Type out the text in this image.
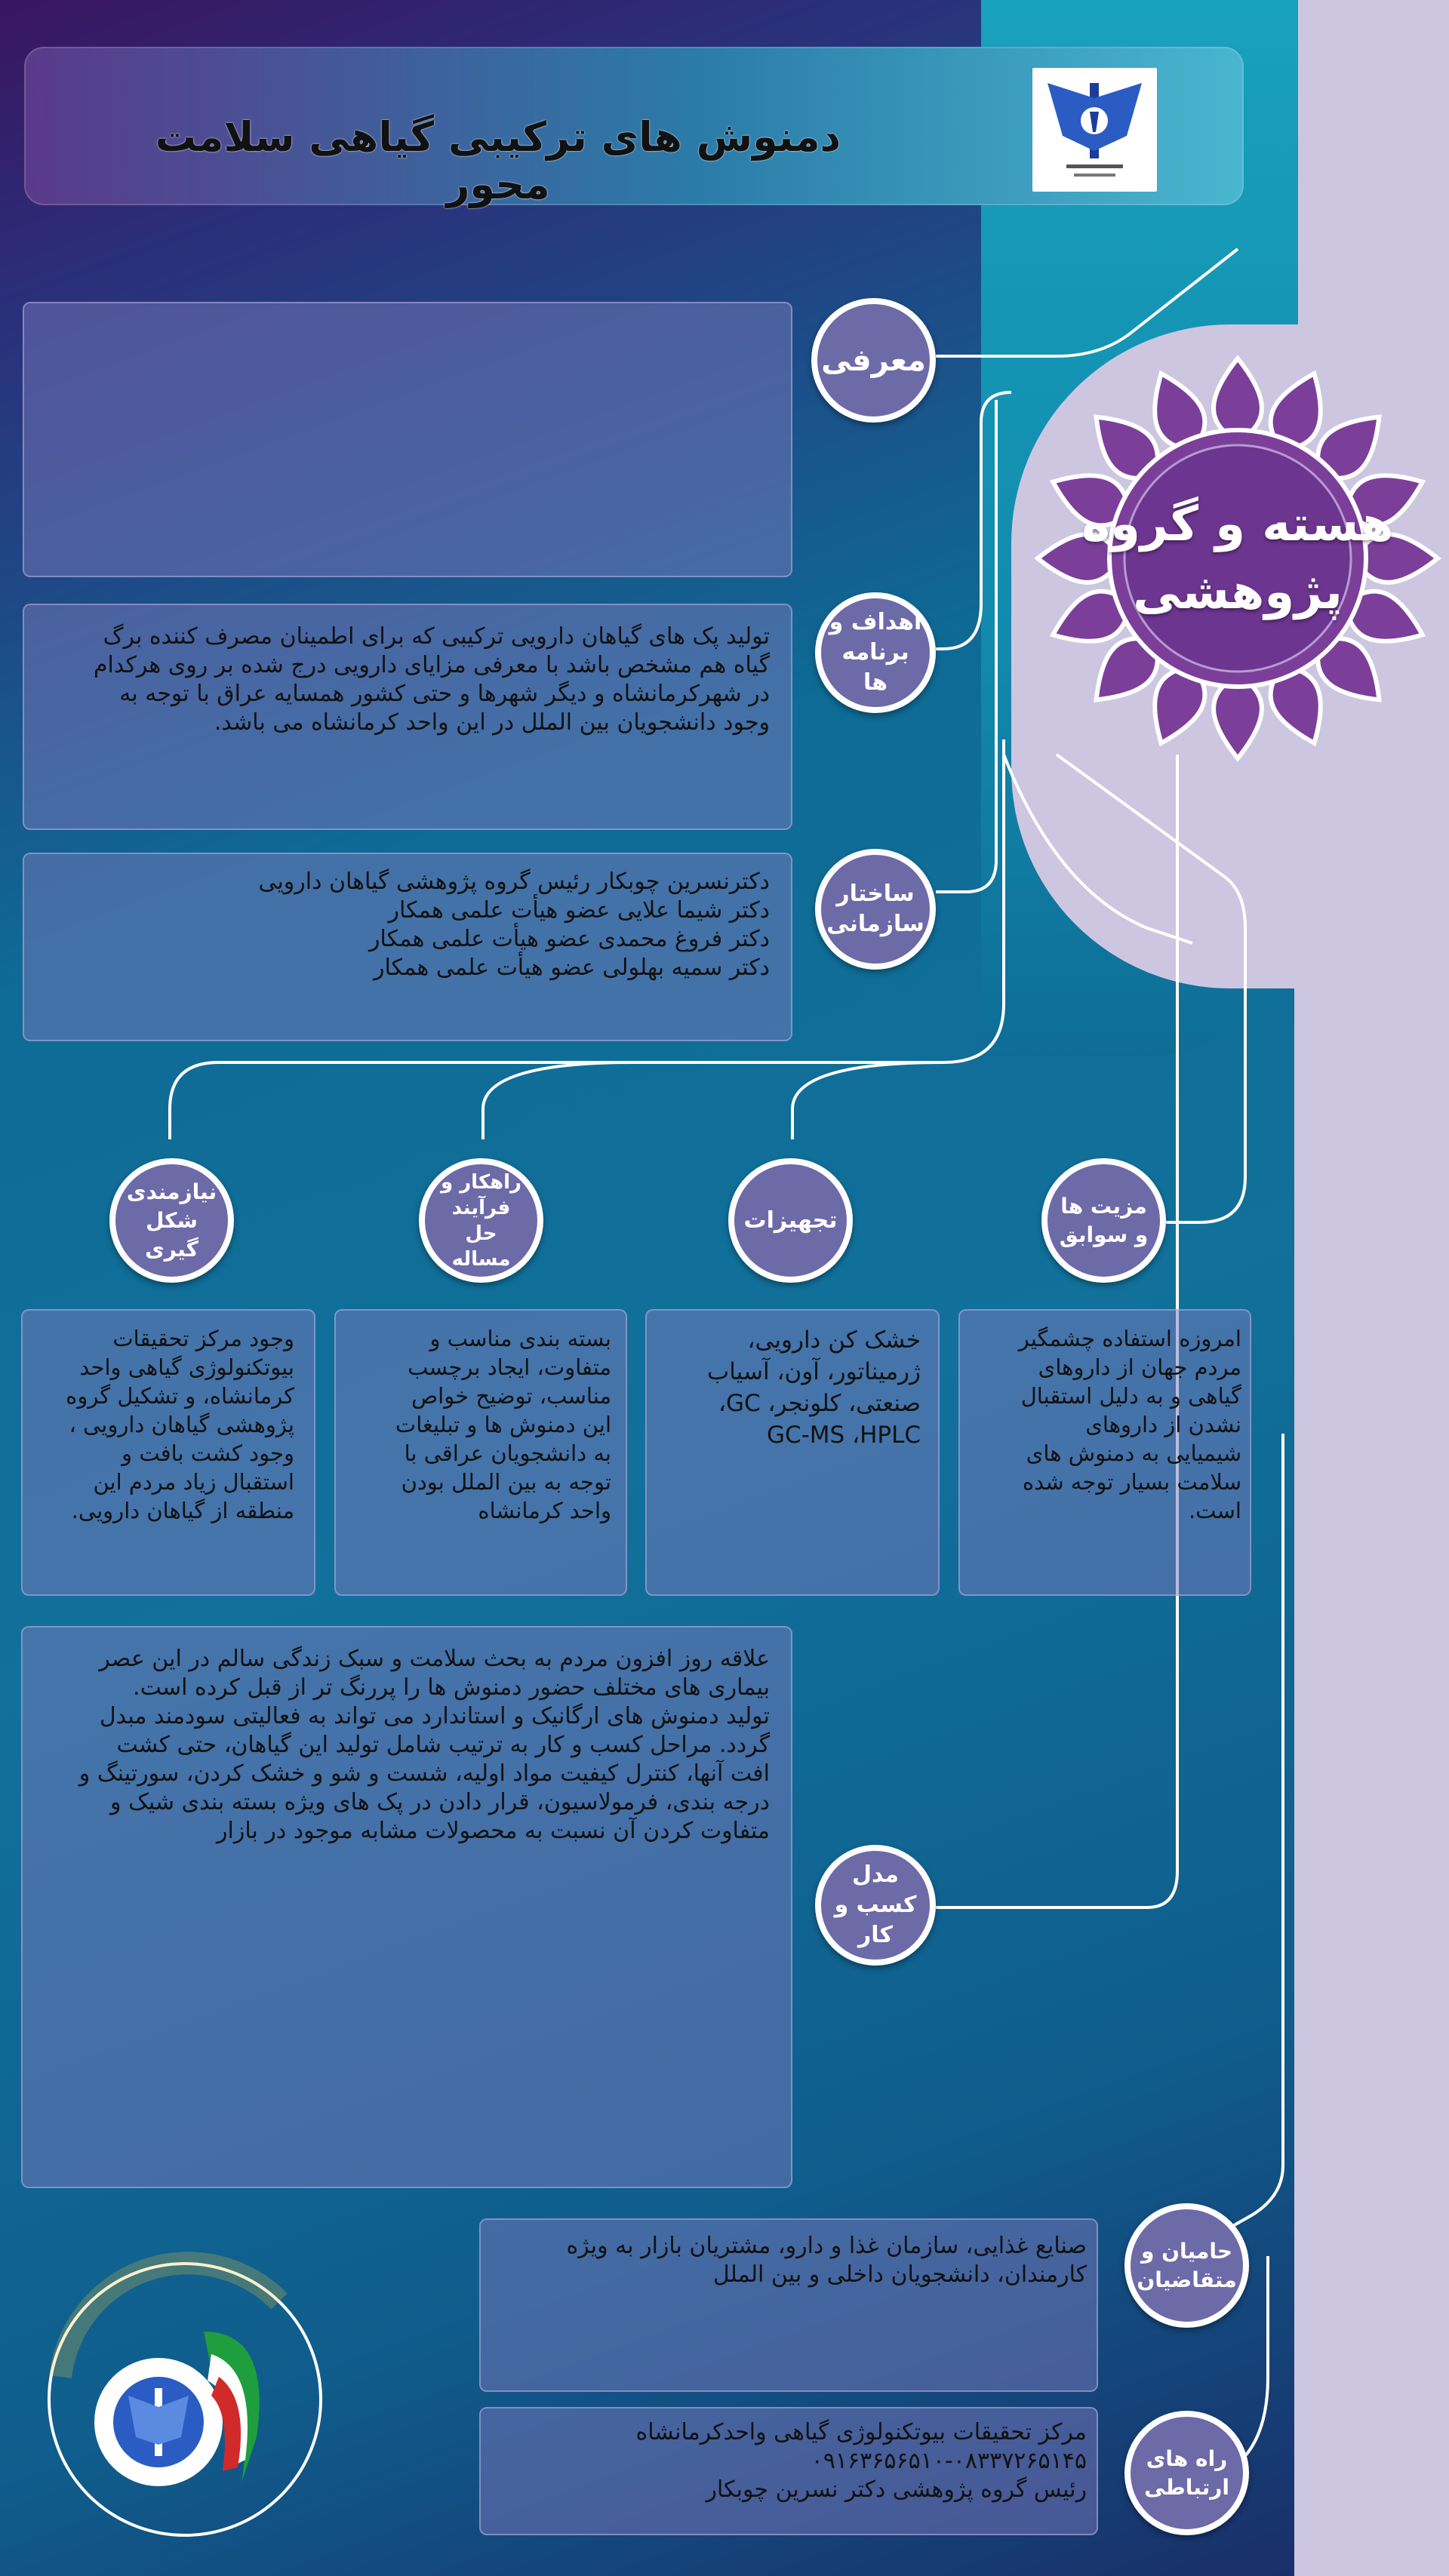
دمنوش های ترکیبی گیاهی سلامت محور
هسته و گروه
پژوهشی
معرفی
تولید پک های گیاهان دارویی ترکیبی که برای اطمینان مصرف کننده برگ
گیاه هم مشخص باشد با معرفی مزایای دارویی درج شده بر روی هرکدام
در شهرکرمانشاه و دیگر شهرها و حتی کشور همسایه عراق با توجه به
وجود دانشجویان بین الملل در این واحد کرمانشاه می باشد.
اهداف و برنامه ها
دکترنسرین چوبکار رئیس گروه پژوهشی گیاهان دارویی
دکتر شیما علایی عضو هیأت علمی همکار
دکتر فروغ محمدی عضو هیأت علمی همکار
دکتر سمیه بهلولی عضو هیأت علمی همکار
ساختار سازمانی
نیازمندی شکل گیری
راهکار و فرآیند حل مساله
تجهیزات
مزیت ها و سوابق
وجود مرکز تحقیقات
بیوتکنولوژی گیاهی واحد
کرمانشاه، و تشکیل گروه
پژوهشی گیاهان دارویی ،
وجود کشت بافت و
استقبال زیاد مردم این
منطقه از گیاهان دارویی.
بسته بندی مناسب و
متفاوت، ایجاد برچسب
مناسب، توضیح خواص
این دمنوش ها و تبلیغات
به دانشجویان عراقی با
توجه به بین الملل بودن
واحد کرمانشاه
خشک کن دارویی،
ژرمیناتور، آون، آسیاب
صنعتی، کلونجر، GC،
GC-MS ،HPLC
امروزه استفاده چشمگیر
مردم جهان از داروهای
گیاهی و به دلیل استقبال
نشدن از داروهای
شیمیایی به دمنوش های
سلامت بسیار توجه شده
است.
علاقه روز افزون مردم به بحث سلامت و سبک زندگی سالم در این عصر
بیماری های مختلف حضور دمنوش ها را پررنگ تر از قبل کرده است.
تولید دمنوش های ارگانیک و استاندارد می تواند به فعالیتی سودمند مبدل
گردد. مراحل کسب و کار به ترتیب شامل تولید این گیاهان، حتی کشت
افت آنها، کنترل کیفیت مواد اولیه، شست و شو و خشک کردن، سورتینگ و
درجه بندی، فرمولاسیون، قرار دادن در پک های ویژه بسته بندی شیک و
متفاوت کردن آن نسبت به محصولات مشابه موجود در بازار
مدل کسب و کار
صنایع غذایی، سازمان غذا و دارو، مشتریان بازار به ویژه
کارمندان، دانشجویان داخلی و بین الملل
حامیان و متقاضیان
مرکز تحقیقات بیوتکنولوژی گیاهی واحدکرمانشاه
۰۹۱۶۳۶۵۶۵۱۰-۰۸۳۳۷۲۶۵۱۴۵
رئیس گروه پژوهشی دکتر نسرین چوبکار
راه های ارتباطی
